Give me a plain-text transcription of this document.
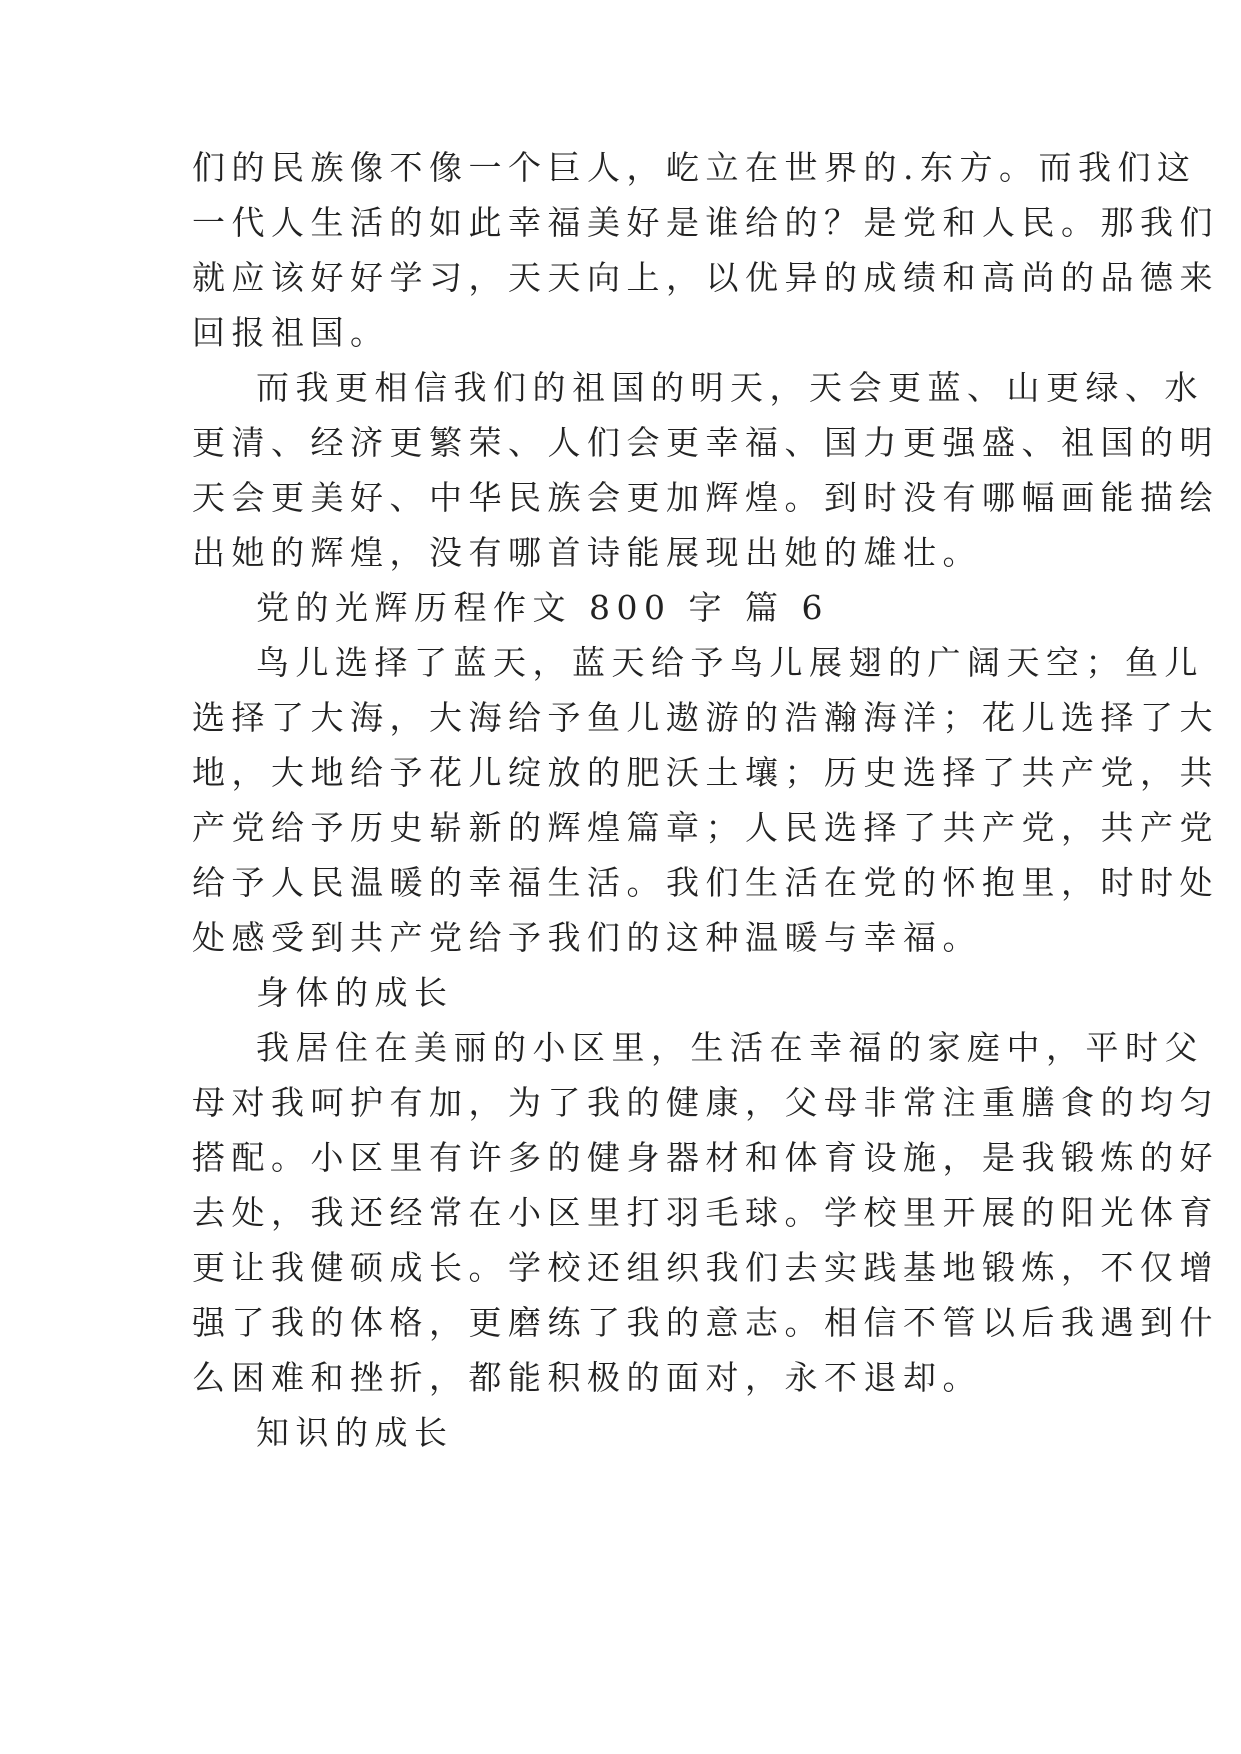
们的民族像不像一个巨人，屹立在世界的.东方。而我们这
一代人生活的如此幸福美好是谁给的？是党和人民。那我们
就应该好好学习，天天向上，以优异的成绩和高尚的品德来
回报祖国。
而我更相信我们的祖国的明天，天会更蓝、山更绿、水
更清、经济更繁荣、人们会更幸福、国力更强盛、祖国的明
天会更美好、中华民族会更加辉煌。到时没有哪幅画能描绘
出她的辉煌，没有哪首诗能展现出她的雄壮。
党的光辉历程作文 800 字 篇 6
鸟儿选择了蓝天，蓝天给予鸟儿展翅的广阔天空；鱼儿
选择了大海，大海给予鱼儿遨游的浩瀚海洋；花儿选择了大
地，大地给予花儿绽放的肥沃土壤；历史选择了共产党，共
产党给予历史崭新的辉煌篇章；人民选择了共产党，共产党
给予人民温暖的幸福生活。我们生活在党的怀抱里，时时处
处感受到共产党给予我们的这种温暖与幸福。
身体的成长
我居住在美丽的小区里，生活在幸福的家庭中，平时父
母对我呵护有加，为了我的健康，父母非常注重膳食的均匀
搭配。小区里有许多的健身器材和体育设施，是我锻炼的好
去处，我还经常在小区里打羽毛球。学校里开展的阳光体育
更让我健硕成长。学校还组织我们去实践基地锻炼，不仅增
强了我的体格，更磨练了我的意志。相信不管以后我遇到什
么困难和挫折，都能积极的面对，永不退却。
知识的成长
